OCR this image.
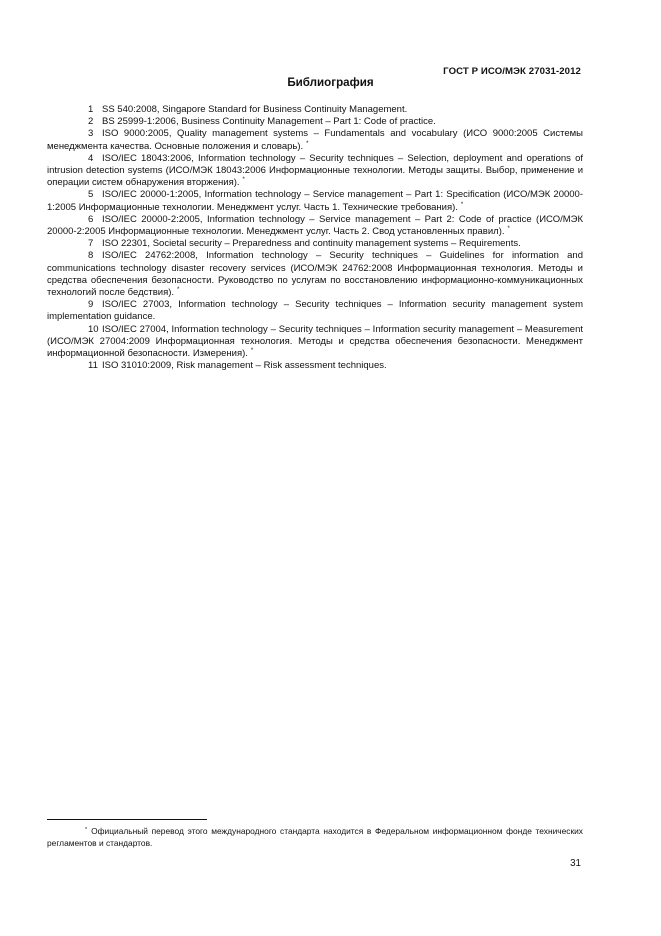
ГОСТ Р ИСО/МЭК 27031-2012
Библиография

1 SS 540:2008, Singapore Standard for Business Continuity Management.

2 BS 25999-1:2006, Business Continuity Management – Part 1: Code of practice.

3 ISO 9000:2005, Quality management systems – Fundamentals and vocabulary (ИСО 9000:2005 Системы менеджмента качества. Основные положения и словарь). *

4 ISO/IEC 18043:2006, Information technology – Security techniques – Selection, deployment and operations of intrusion detection systems (ИСО/МЭК 18043:2006 Информационные технологии. Методы защиты. Выбор, применение и операции систем обнаружения вторжения). *

5 ISO/IEC 20000-1:2005, Information technology – Service management – Part 1: Specification (ИСО/МЭК 20000-1:2005 Информационные технологии. Менеджмент услуг. Часть 1. Технические требования). *

6 ISO/IEC 20000-2:2005, Information technology – Service management – Part 2: Code of practice (ИСО/МЭК 20000-2:2005 Информационные технологии. Менеджмент услуг. Часть 2. Свод установленных правил). *

7 ISO 22301, Societal security – Preparedness and continuity management systems – Requirements.

8 ISO/IEC 24762:2008, Information technology – Security techniques – Guidelines for information and communications technology disaster recovery services (ИСО/МЭК 24762:2008 Информационная технология. Методы и средства обеспечения безопасности. Руководство по услугам по восстановлению информационно-коммуникационных технологий после бедствия). *

9 ISO/IEC 27003, Information technology – Security techniques – Information security management system implementation guidance.

10 ISO/IEC 27004, Information technology – Security techniques – Information security management – Measurement (ИСО/МЭК 27004:2009 Информационная технология. Методы и средства обеспечения безопасности. Менеджмент информационной безопасности. Измерения). *

11 ISO 31010:2009, Risk management – Risk assessment techniques.

* Официальный перевод этого международного стандарта находится в Федеральном информационном фонде технических регламентов и стандартов.

31
